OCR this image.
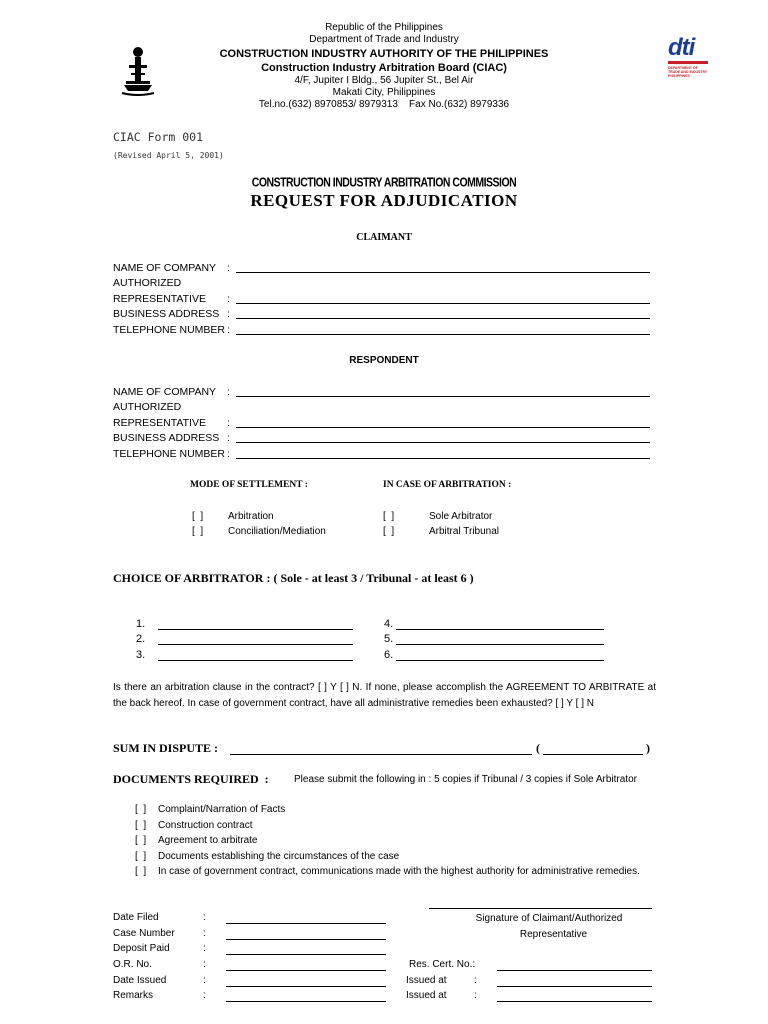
dti
DEPARTMENT OF TRADE AND INDUSTRY PHILIPPINES
Republic of the Philippines
Department of Trade and Industry
CONSTRUCTION INDUSTRY AUTHORITY OF THE PHILIPPINES
Construction Industry Arbitration Board (CIAC)
4/F, Jupiter I Bldg., 56 Jupiter St., Bel Air
Makati City, Philippines
Tel.no.(632) 8970853/ 8979313    Fax No.(632) 8979336
CIAC Form 001
(Revised April 5, 2001)
CONSTRUCTION INDUSTRY ARBITRATION COMMISSION
REQUEST FOR ADJUDICATION
CLAIMANT
NAME OF COMPANY :
AUTHORIZED
REPRESENTATIVE :
BUSINESS ADDRESS :
TELEPHONE NUMBER :
RESPONDENT
NAME OF COMPANY :
AUTHORIZED
REPRESENTATIVE :
BUSINESS ADDRESS :
TELEPHONE NUMBER :
MODE OF SETTLEMENT :	IN CASE OF ARBITRATION :
[  ] Arbitration
[  ] Conciliation/Mediation
[  ]	Sole Arbitrator
[  ]	Arbitral Tribunal
CHOICE OF ARBITRATOR : ( Sole - at least 3 / Tribunal - at least 6 )
1.
2.
3.
4.
5.
6.
Is there an arbitration clause in the contract? [ ] Y [ ] N. If none, please accomplish the AGREEMENT TO ARBITRATE at the back hereof. In case of government contract, have all administrative remedies been exhausted? [ ] Y [ ] N
SUM IN DISPUTE :	(	)
DOCUMENTS REQUIRED  :	Please submit the following in : 5 copies if Tribunal / 3 copies if Sole Arbitrator
[  ] Complaint/Narration of Facts
[  ] Construction contract
[  ] Agreement to arbitrate
[  ] Documents establishing the circumstances of the case
[  ] In case of government contract, communications made with the highest authority for administrative remedies.
Signature of Claimant/Authorized
Representative
Date Filed	:
Case Number	:
Deposit Paid	:
O.R. No.	:
Date Issued	:
Remarks	:
Res. Cert. No.:
Issued at	:
Issued at	:
